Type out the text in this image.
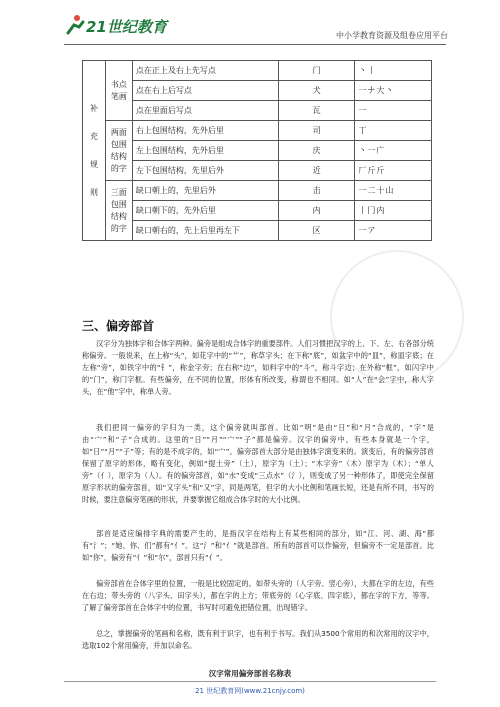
21世纪教育	中小学教育资源及组卷应用平台
补
充
规
则	书点笔画	点在正上及右上先写点	门	丶丨
		点在右上后写点	犬	一ナ大丶
		点在里面后写点	瓦	一
	两面包围结构的字	右上包围结构，先外后里	司	丁
		左上包围结构，先外后里	庆	丶一广
		左下包围结构，先里后外	近	厂斤斤
	三面包围结构的字	缺口朝上的，先里后外	击	一二十山
		缺口朝下的，先外后里	内	丨冂内
		缺口朝右的，先上后里再左下	区	一ア
三、偏旁部首
汉字分为独体字和合体字两种。偏旁是组成合体字的重要部件。人们习惯把汉字的上、下、左、右各部分统称偏旁。一般说来，在上称“头”，如花字中的“艹”，称草字头；在下称“底”，如盆字中的“皿”，称皿字底；在左称“旁”，如铁字中的“钅”，称金字旁；在右称“边”，如料字中的“斗”，称斗字边；在外称“框”，如闪字中的“门”，称门字框。有些偏旁，在不同的位置，形体有所改变，称谓也不相同。如“人”在“会”字中，称人字头，在“他”字中，称单人旁。
我们把同一偏旁的字归为一类，这个偏旁就叫部首。比如“明”是由“日”和“月”合成的，“字”是由“宀”和“子”合成的。这里的“日”“月”“宀”“子”都是偏旁。汉字的偏旁中，有些本身就是一个字，如“日”“月”“子”等；有的是不成字的，如“宀”。偏旁部首大部分是由独体字演变来的。演变后，有的偏旁部首保留了原字的形体，略有变化，例如“提土旁”（土），原字为（土）；“木字旁”（木）原字为（木）；“单人旁”（亻），原字为（人）。有的偏旁部首，如“水”变成“三点水”（氵），则变成了另一种形体了，即使完全保留原字形状的偏旁部首，如“又字头”和“又”字，同是两笔，但字的大小比例和笔画长短，还是有所不同，书写的时候，要注意偏旁笔画的形状，并要掌握它组成合体字时的大小比例。
部首是适应编排字典的需要产生的，是指汉字在结构上有某些相同的部分，如“江、河、湖、海”都有“氵”；“她、你、们”都有“亻”。这“氵”和“亻”就是部首。所有的部首可以作偏旁，但偏旁不一定是部首。比如“你”，偏旁有“亻”和“尔”，部首只有“亻”。
偏旁部首在合体字里的位置，一般是比较固定的。如带头旁的（人字旁、竖心旁），大都在字的左边，有些在右边；带头旁的（八字头、田字头），都在字的上方；带底旁的（心字底、四字底），都在字的下方，等等。了解了偏旁部首在合体字中的位置，书写时可避免把错位置，出现错字。
总之，掌握偏旁的笔画和名称，既有利于识字，也有利于书写。我们从3500个常用的和次常用的汉字中，选取102个常用偏旁，并加以命名。
汉字常用偏旁部首名称表
21 世纪教育网(www.21cnjy.com)
